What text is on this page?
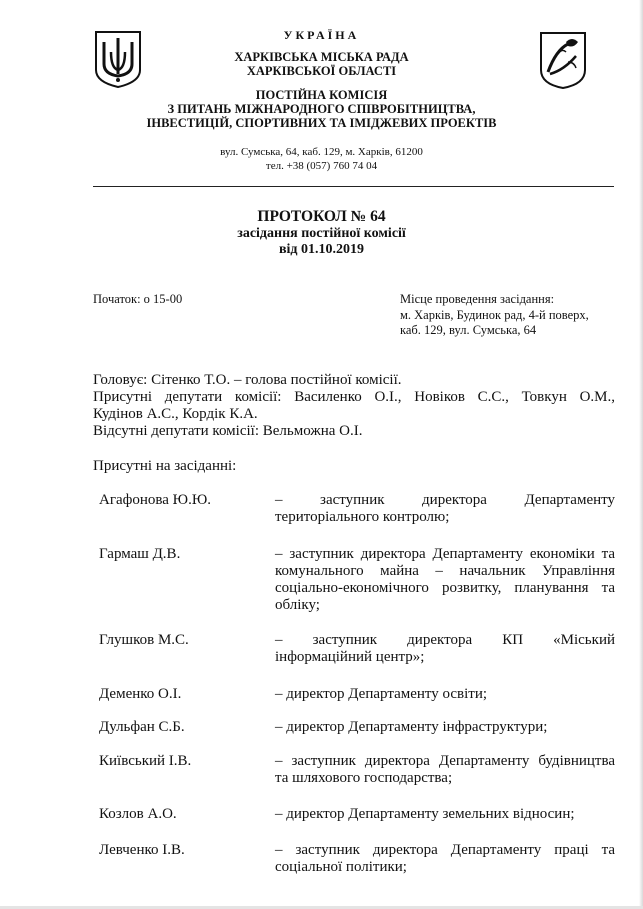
УКРАЇНА
ХАРКІВСЬКА МІСЬКА РАДА
ХАРКІВСЬКОЇ ОБЛАСТІ
ПОСТІЙНА КОМІСІЯ
З ПИТАНЬ МІЖНАРОДНОГО СПІВРОБІТНИЦТВА,
ІНВЕСТИЦІЙ, СПОРТИВНИХ ТА ІМІДЖЕВИХ ПРОЕКТІВ
вул. Сумська, 64, каб. 129, м. Харків, 61200
тел. +38 (057) 760 74 04
ПРОТОКОЛ № 64
засідання постійної комісії
від 01.10.2019
Початок: о 15-00	Місце проведення засідання:
м. Харків, Будинок рад, 4-й поверх,
каб. 129, вул. Сумська, 64

Головує: Сітенко Т.О. – голова постійної комісії.

Присутні депутати комісії: Василенко О.І., Новіков С.С., Товкун О.М.,

Кудінов А.С., Кордік К.А.

Відсутні депутати комісії: Вельможна О.І.

Присутні на засіданні:
Агафонова Ю.Ю.	– заступник директора Департаменту
територіального контролю;
Гармаш Д.В.	– заступник директора Департаменту економіки та
комунального майна – начальник Управління
соціально-економічного розвитку, планування та
обліку;
Глушков М.С.	– заступник директора КП «Міський
інформаційний центр»;
Деменко О.І.	– директор Департаменту освіти;
Дульфан С.Б.	– директор Департаменту інфраструктури;
Київський І.В.	– заступник директора Департаменту будівництва
та шляхового господарства;
Козлов А.О.	– директор Департаменту земельних відносин;
Левченко І.В.	– заступник директора Департаменту праці та
соціальної політики;
